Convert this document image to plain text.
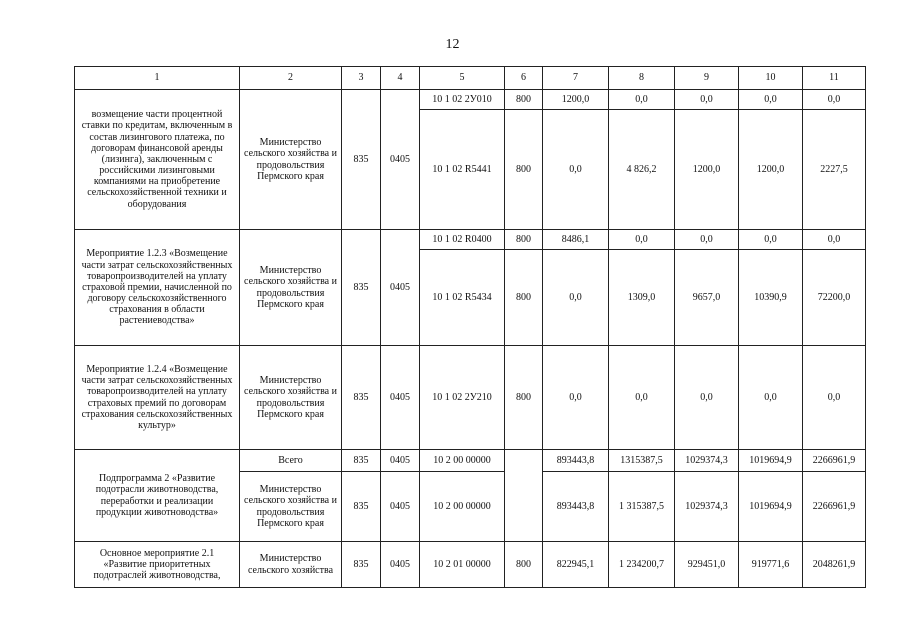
12
1	2	3	4	5	6	7	8	9	10	11
возмещение части процентной ставки по кредитам, включенным в состав лизингового платежа, по договорам финансовой аренды (лизинга), заключенным с российскими лизинговыми компаниями на приобретение сельскохозяйственной техники и оборудования	Министерство сельского хозяйства и продовольствия Пермского края	835	0405	10 1 02 2У010	800	1200,0	0,0	0,0	0,0	0,0
				10 1 02 R5441	800	0,0	4 826,2	1200,0	1200,0	2227,5
Мероприятие 1.2.3 «Возмещение части затрат сельскохозяйственных товаропроизводителей на уплату страховой премии, начисленной по договору сельскохозяйственного страхования в области растениеводства»	Министерство сельского хозяйства и продовольствия Пермского края	835	0405	10 1 02 R0400	800	8486,1	0,0	0,0	0,0	0,0
				10 1 02 R5434	800	0,0	1309,0	9657,0	10390,9	72200,0
Мероприятие 1.2.4 «Возмещение части затрат сельскохозяйственных товаропроизводителей на уплату страховых премий по договорам страхования сельскохозяйственных культур»	Министерство сельского хозяйства и продовольствия Пермского края	835	0405	10 1 02 2У210	800	0,0	0,0	0,0	0,0	0,0
Подпрограмма 2 «Развитие подотрасли животноводства, переработки и реализации продукции животноводства»	Всего	835	0405	10 2 00 00000		893443,8	1315387,5	1029374,3	1019694,9	2266961,9
	Министерство сельского хозяйства и продовольствия Пермского края	835	0405	10 2 00 00000		893443,8	1 315387,5	1029374,3	1019694,9	2266961,9
Основное мероприятие 2.1 «Развитие приоритетных подотраслей животноводства,	Министерство сельского хозяйства	835	0405	10 2 01 00000	800	822945,1	1 234200,7	929451,0	919771,6	2048261,9
